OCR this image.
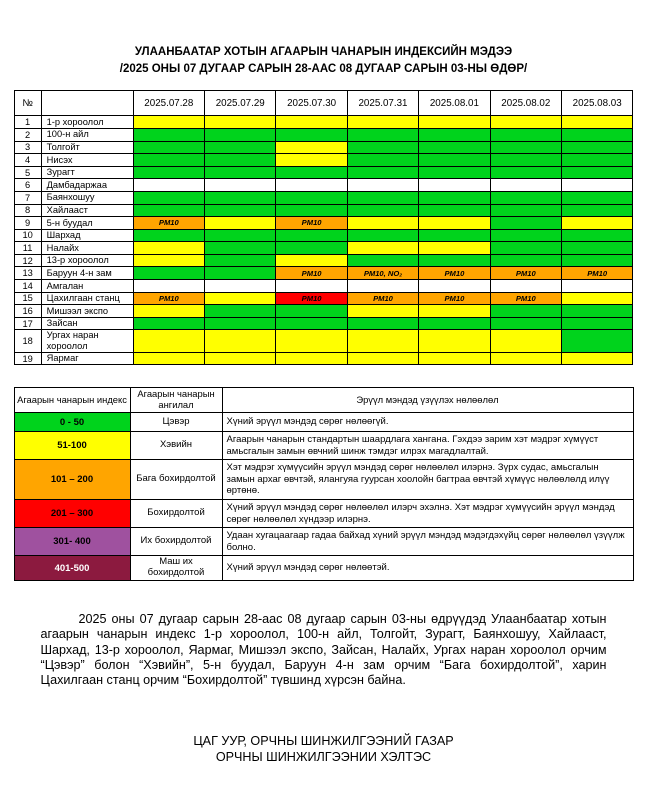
УЛААНБААТАР ХОТЫН АГААРЫН ЧАНАРЫН ИНДЕКСИЙН МЭДЭЭ
/2025 ОНЫ 07 ДУГААР САРЫН 28-ААС 08 ДУГААР САРЫН 03-НЫ ӨДӨР/
№		2025.07.28	2025.07.29	2025.07.30	2025.07.31	2025.08.01	2025.08.02	2025.08.03
1	1-р хороолол							
2	100-н айл							
3	Толгойт							
4	Нисэх							
5	Зурагт							
6	Дамбадаржаа							
7	Баянхошуу							
8	Хайлааст							
9	5-н буудал	PM10		PM10				
10	Шархад							
11	Налайх							
12	13-р хороолол							
13	Баруун 4-н зам			PM10	PM10, NO₂	PM10	PM10	PM10
14	Амгалан							
15	Цахилгаан станц	PM10		PM10	PM10	PM10	PM10	
16	Мишээл экспо							
17	Зайсан							
18	Ургах наран хороолол							
19	Яармаг							
Агаарын чанарын индекс	Агаарын чанарын ангилал	Эрүүл мэндэд үзүүлэх нөлөөлөл
0 - 50	Цэвэр	Хүний эрүүл мэндэд сөрөг нөлөөгүй.
51-100	Хэвийн	Агаарын чанарын стандартын шаардлага хангана. Гэхдээ зарим хэт мэдрэг хүмүүст амьсгалын замын өвчний шинж тэмдэг илрэх магадлалтай.
101 – 200	Бага бохирдолтой	Хэт мэдрэг хүмүүсийн эрүүл мэндэд сөрөг нөлөөлөл илэрнэ. Зүрх судас, амьсгалын замын архаг өвчтэй, ялангуяа гуурсан хоолойн багтраа өвчтэй хүмүүс нөлөөлөлд илүү өртөнө.
201 – 300	Бохирдолтой	Хүний эрүүл мэндэд сөрөг нөлөөлөл илэрч эхэлнэ. Хэт мэдрэг хүмүүсийн эрүүл мэндэд сөрөг нөлөөлөл хүндээр илэрнэ.
301- 400	Их бохирдолтой	Удаан хугацаагаар гадаа байхад хүний эрүүл мэндэд мэдэгдэхүйц сөрөг нөлөөлөл үзүүлж болно.
401-500	Маш их бохирдолтой	Хүний эрүүл мэндэд сөрөг нөлөөтэй.

2025 оны 07 дугаар сарын 28-аас 08 дугаар сарын 03-ны өдрүүдэд Улаанбаатар хотын агаарын чанарын индекс 1-р хороолол, 100-н айл, Толгойт, Зурагт, Баянхошуу, Хайлааст, Шархад, 13-р хороолол, Яармаг, Мишээл экспо, Зайсан, Налайх, Ургах наран хороолол орчим “Цэвэр” болон “Хэвийн”, 5-н буудал, Баруун 4-н зам орчим “Бага бохирдолтой”, харин Цахилгаан станц орчим “Бохирдолтой” түвшинд хүрсэн байна.

ЦАГ УУР, ОРЧНЫ ШИНЖИЛГЭЭНИЙ ГАЗАР
ОРЧНЫ ШИНЖИЛГЭЭНИИ ХЭЛТЭС
